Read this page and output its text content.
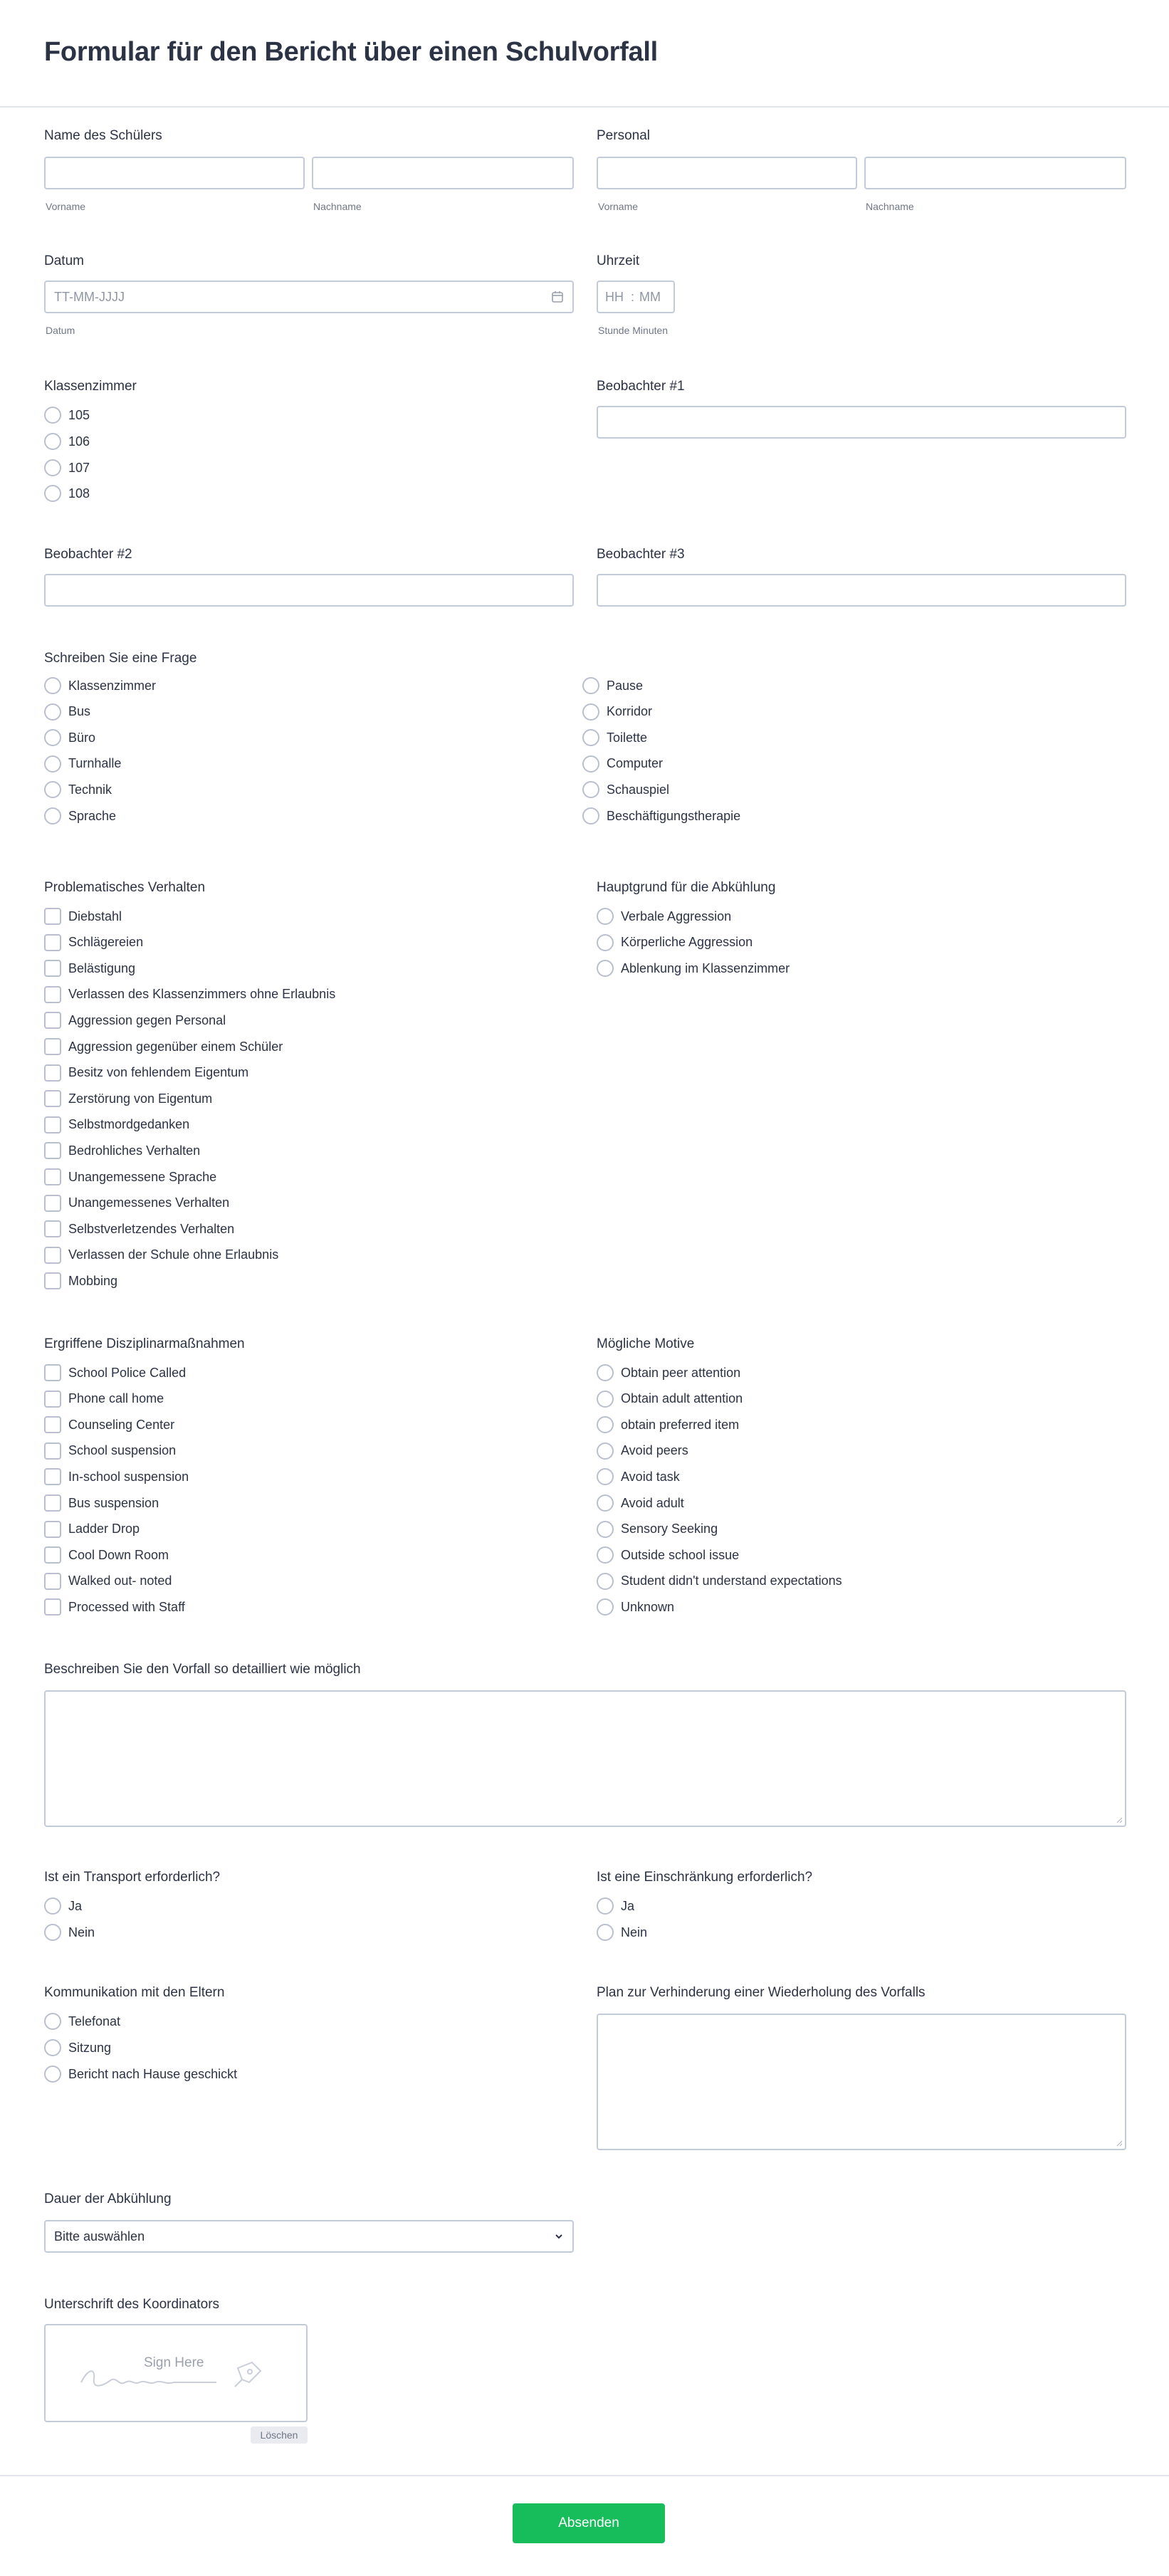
Formular für den Bericht über einen Schulvorfall
Name des Schülers
Vorname	Nachname
Personal
Vorname	Nachname
Datum
TT-MM-JJJJ
Datum
Uhrzeit
HH : MM
Stunde Minuten
Klassenzimmer
105
106
107
108
Beobachter #1
Beobachter #2	Beobachter #3
Schreiben Sie eine Frage
Klassenzimmer
Bus
Büro
Turnhalle
Technik
Sprache
Pause
Korridor
Toilette
Computer
Schauspiel
Beschäftigungstherapie
Problematisches Verhalten
Diebstahl
Schlägereien
Belästigung
Verlassen des Klassenzimmers ohne Erlaubnis
Aggression gegen Personal
Aggression gegenüber einem Schüler
Besitz von fehlendem Eigentum
Zerstörung von Eigentum
Selbstmordgedanken
Bedrohliches Verhalten
Unangemessene Sprache
Unangemessenes Verhalten
Selbstverletzendes Verhalten
Verlassen der Schule ohne Erlaubnis
Mobbing
Hauptgrund für die Abkühlung
Verbale Aggression
Körperliche Aggression
Ablenkung im Klassenzimmer
Ergriffene Disziplinarmaßnahmen
School Police Called
Phone call home
Counseling Center
School suspension
In-school suspension
Bus suspension
Ladder Drop
Cool Down Room
Walked out- noted
Processed with Staff
Mögliche Motive
Obtain peer attention
Obtain adult attention
obtain preferred item
Avoid peers
Avoid task
Avoid adult
Sensory Seeking
Outside school issue
Student didn't understand expectations
Unknown
Beschreiben Sie den Vorfall so detailliert wie möglich
Ist ein Transport erforderlich?
Ja
Nein
Ist eine Einschränkung erforderlich?
Ja
Nein
Kommunikation mit den Eltern
Telefonat
Sitzung
Bericht nach Hause geschickt
Plan zur Verhinderung einer Wiederholung des Vorfalls
Dauer der Abkühlung
Bitte auswählen
Unterschrift des Koordinators
Sign Here
Löschen
Absenden
